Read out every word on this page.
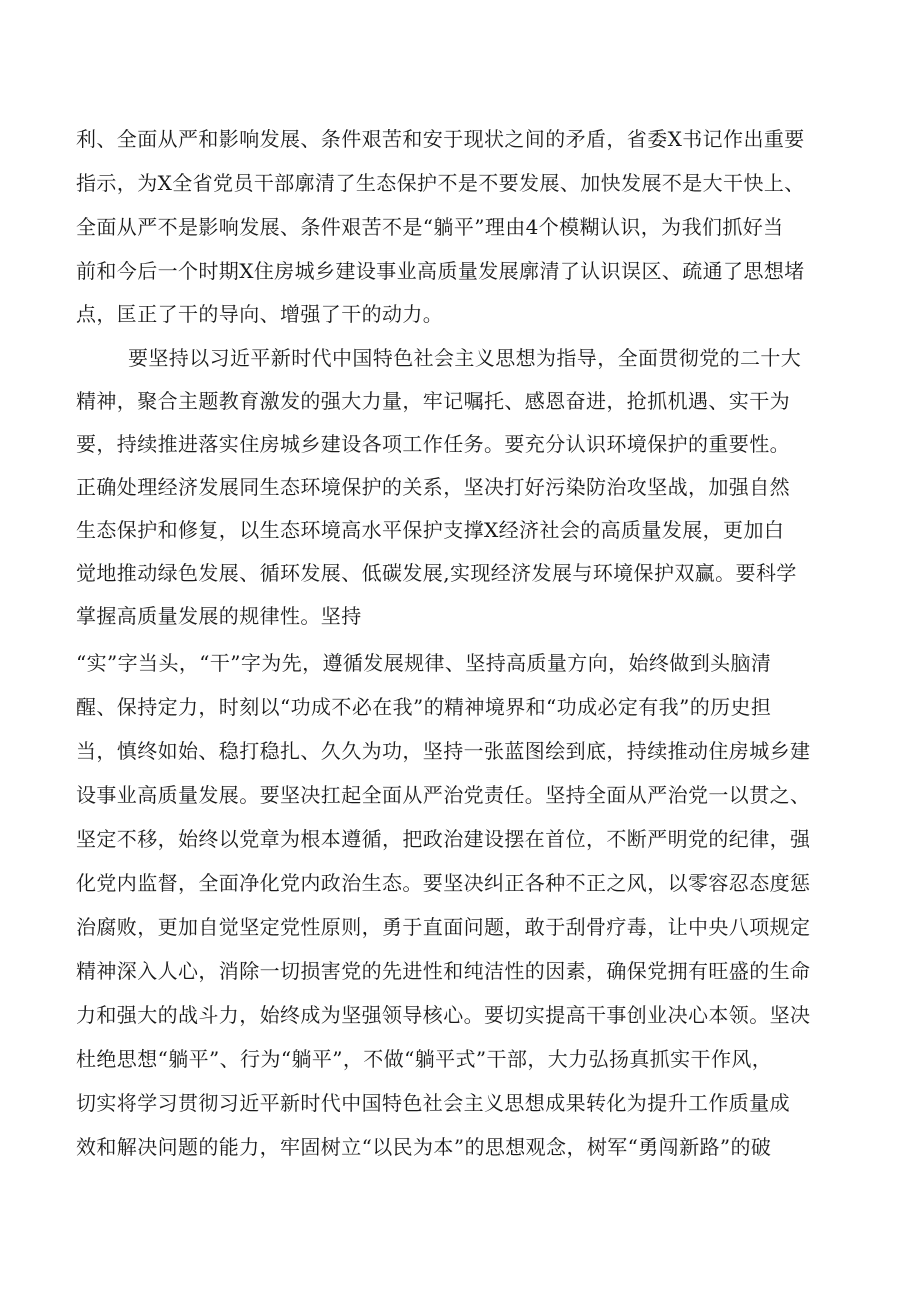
利、全面从严和影响发展、条件艰苦和安于现状之间的矛盾，省委X书记作出重要
指示，为X全省党员干部廓清了生态保护不是不要发展、加快发展不是大干快上、
全面从严不是影响发展、条件艰苦不是“躺平”理由4个模糊认识，为我们抓好当
前和今后一个时期X住房城乡建设事业高质量发展廓清了认识误区、疏通了思想堵
点，匡正了干的导向、增强了干的动力。
要坚持以习近平新时代中国特色社会主义思想为指导，全面贯彻党的二十大
精神，聚合主题教育激发的强大力量，牢记嘱托、感恩奋进，抢抓机遇、实干为
要，持续推进落实住房城乡建设各项工作任务。要充分认识环境保护的重要性。
正确处理经济发展同生态环境保护的关系，坚决打好污染防治攻坚战，加强自然
生态保护和修复，以生态环境高水平保护支撑X经济社会的高质量发展，更加白
觉地推动绿色发展、循环发展、低碳发展,实现经济发展与环境保护双赢。要科学
掌握高质量发展的规律性。坚持
“实”字当头，“干”字为先，遵循发展规律、坚持高质量方向，始终做到头脑清
醒、保持定力，时刻以“功成不必在我”的精神境界和“功成必定有我”的历史担
当，慎终如始、稳打稳扎、久久为功，坚持一张蓝图绘到底，持续推动住房城乡建
设事业高质量发展。要坚决扛起全面从严治党责任。坚持全面从严治党一以贯之、
坚定不移，始终以党章为根本遵循，把政治建设摆在首位，不断严明党的纪律，强
化党内监督，全面净化党内政治生态。要坚决纠正各种不正之风，以零容忍态度惩
治腐败，更加自觉坚定党性原则，勇于直面问题，敢于刮骨疗毒，让中央八项规定
精神深入人心，消除一切损害党的先进性和纯洁性的因素，确保党拥有旺盛的生命
力和强大的战斗力，始终成为坚强领导核心。要切实提高干事创业决心本领。坚决
杜绝思想“躺平”、行为“躺平”，不做“躺平式”干部，大力弘扬真抓实干作风，
切实将学习贯彻习近平新时代中国特色社会主义思想成果转化为提升工作质量成
效和解决问题的能力，牢固树立“以民为本”的思想观念，树军“勇闯新路”的破
